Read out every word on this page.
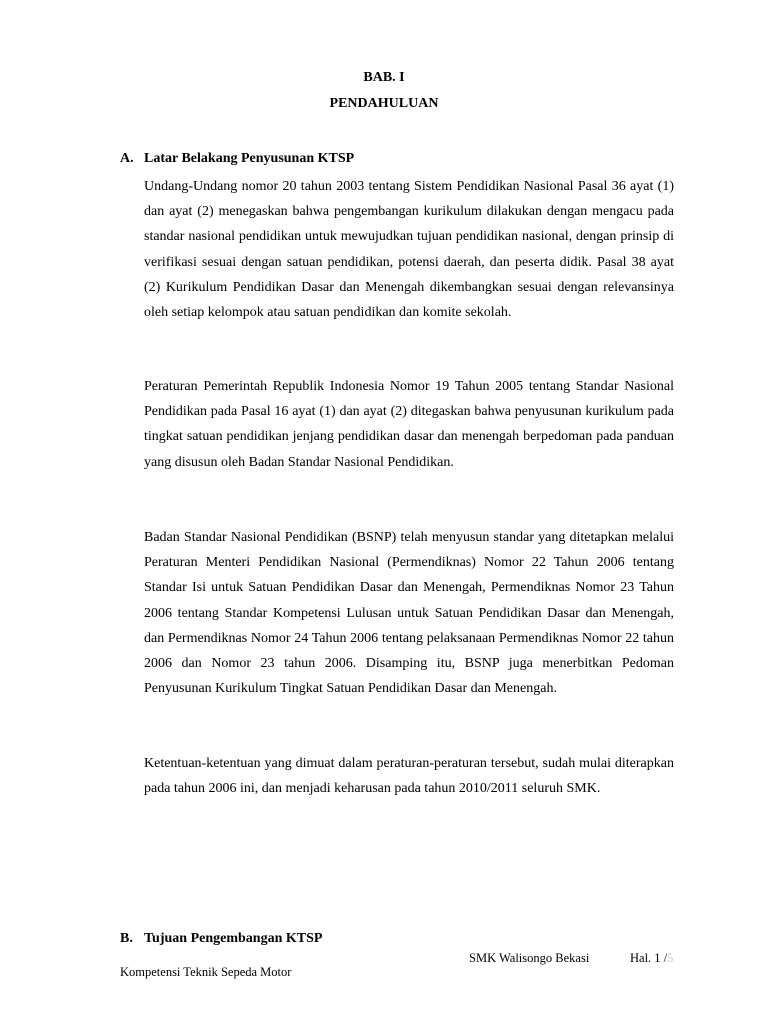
BAB. I
PENDAHULUAN
A. Latar Belakang Penyusunan KTSP

Undang-Undang nomor 20 tahun 2003 tentang Sistem Pendidikan Nasional Pasal 36 ayat (1) dan ayat (2) menegaskan bahwa pengembangan kurikulum dilakukan dengan mengacu pada standar nasional pendidikan untuk mewujudkan tujuan pendidikan nasional, dengan prinsip di verifikasi sesuai dengan satuan pendidikan, potensi daerah, dan peserta didik. Pasal 38 ayat (2) Kurikulum Pendidikan Dasar dan Menengah dikembangkan sesuai dengan relevansinya oleh setiap kelompok atau satuan pendidikan dan komite sekolah.

Peraturan Pemerintah Republik Indonesia Nomor 19 Tahun 2005 tentang Standar Nasional Pendidikan pada Pasal 16 ayat (1) dan ayat (2) ditegaskan bahwa penyusunan kurikulum pada tingkat satuan pendidikan jenjang pendidikan dasar dan menengah berpedoman pada panduan yang disusun oleh Badan Standar Nasional Pendidikan.

Badan Standar Nasional Pendidikan (BSNP) telah menyusun standar yang ditetapkan melalui Peraturan Menteri Pendidikan Nasional (Permendiknas) Nomor 22 Tahun 2006 tentang Standar Isi untuk Satuan Pendidikan Dasar dan Menengah, Permendiknas Nomor 23 Tahun 2006 tentang Standar Kompetensi Lulusan untuk Satuan Pendidikan Dasar dan Menengah, dan Permendiknas Nomor 24 Tahun 2006 tentang pelaksanaan Permendiknas Nomor 22 tahun 2006 dan Nomor 23 tahun 2006. Disamping itu, BSNP juga menerbitkan Pedoman Penyusunan Kurikulum Tingkat Satuan Pendidikan Dasar dan Menengah.

Ketentuan-ketentuan yang dimuat dalam peraturan-peraturan tersebut, sudah mulai diterapkan pada tahun 2006 ini, dan menjadi keharusan pada tahun 2010/2011 seluruh SMK.

B. Tujuan Pengembangan KTSP
SMK Walisongo Bekasi	Hal. 1 /5
Kompetensi Teknik Sepeda Motor
